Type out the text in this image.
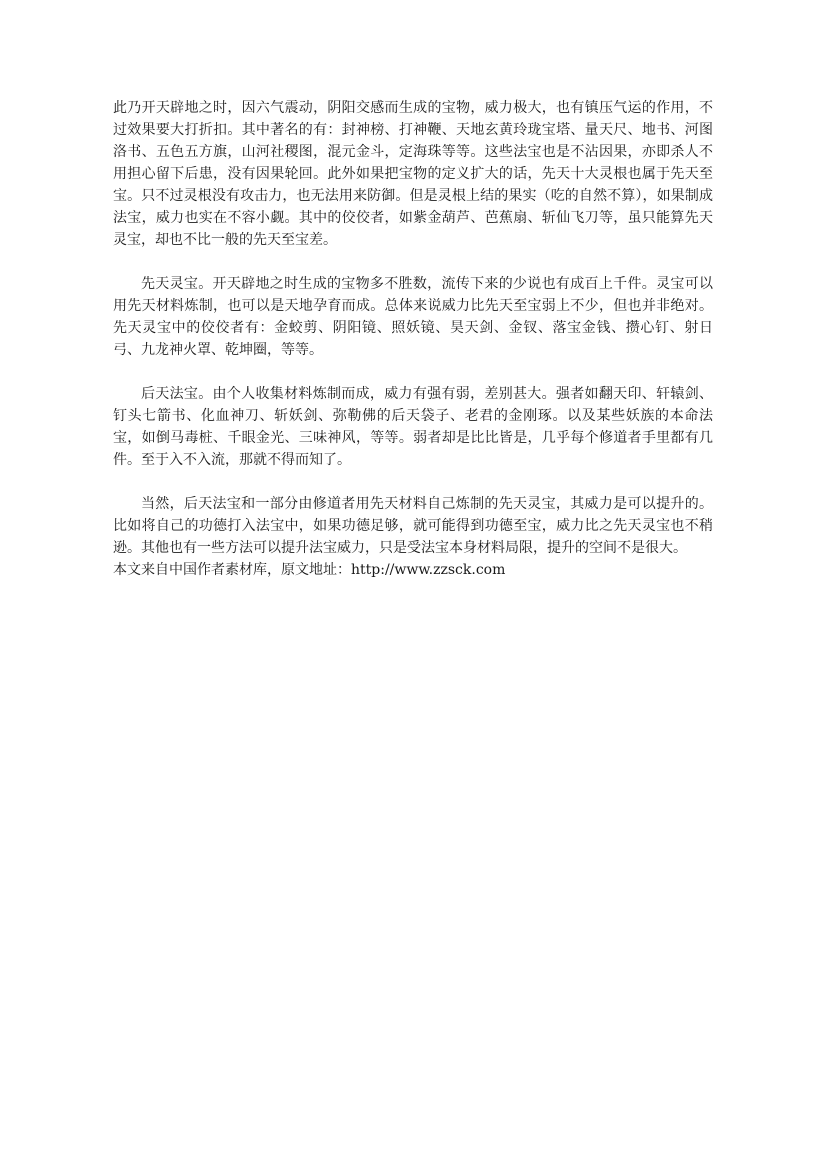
此乃开天辟地之时，因六气震动，阴阳交感而生成的宝物，威力极大，也有镇压气运的作用，不过效果要大打折扣。其中著名的有：封神榜、打神鞭、天地玄黄玲珑宝塔、量天尺、地书、河图洛书、五色五方旗，山河社稷图，混元金斗，定海珠等等。这些法宝也是不沾因果，亦即杀人不用担心留下后患，没有因果轮回。此外如果把宝物的定义扩大的话，先天十大灵根也属于先天至宝。只不过灵根没有攻击力，也无法用来防御。但是灵根上结的果实（吃的自然不算），如果制成法宝，威力也实在不容小觑。其中的佼佼者，如紫金葫芦、芭蕉扇、斩仙飞刀等，虽只能算先天灵宝，却也不比一般的先天至宝差。

先天灵宝。开天辟地之时生成的宝物多不胜数，流传下来的少说也有成百上千件。灵宝可以用先天材料炼制，也可以是天地孕育而成。总体来说威力比先天至宝弱上不少，但也并非绝对。先天灵宝中的佼佼者有：金蛟剪、阴阳镜、照妖镜、昊天剑、金钗、落宝金钱、攒心钉、射日弓、九龙神火罩、乾坤圈，等等。

后天法宝。由个人收集材料炼制而成，威力有强有弱，差别甚大。强者如翻天印、轩辕剑、钉头七箭书、化血神刀、斩妖剑、弥勒佛的后天袋子、老君的金刚琢。以及某些妖族的本命法宝，如倒马毒桩、千眼金光、三味神风，等等。弱者却是比比皆是，几乎每个修道者手里都有几件。至于入不入流，那就不得而知了。

当然，后天法宝和一部分由修道者用先天材料自己炼制的先天灵宝，其威力是可以提升的。比如将自己的功德打入法宝中，如果功德足够，就可能得到功德至宝，威力比之先天灵宝也不稍逊。其他也有一些方法可以提升法宝威力，只是受法宝本身材料局限，提升的空间不是很大。

本文来自中国作者素材库，原文地址：http://www.zzsck.com
